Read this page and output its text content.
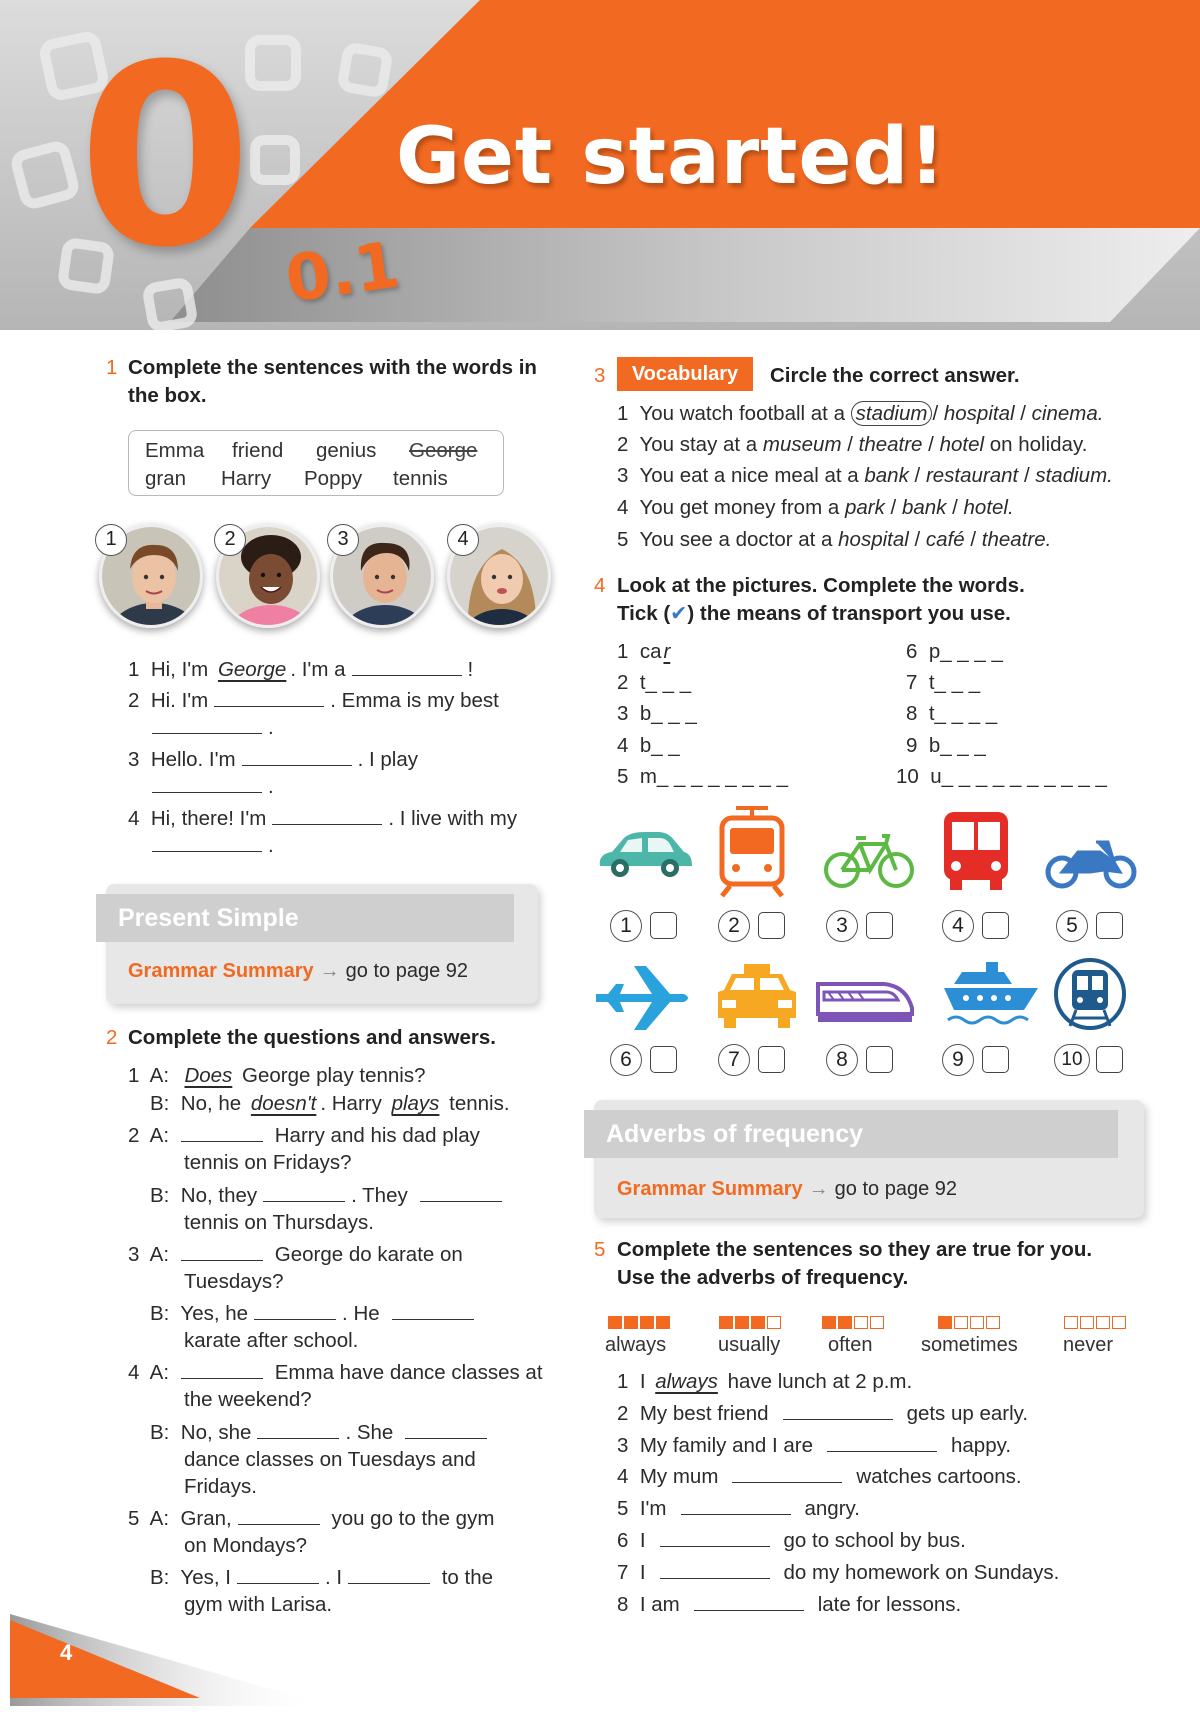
0 Get started!
0.1
1 Complete the sentences with the words in
the box.
Emma friend genius George
gran Harry Poppy tennis
1	2	3	4
1 Hi, I'm George . I'm a	!
2 Hi. I'm	. Emma is my best
.
3 Hello. I'm	. I play
.
4 Hi, there! I'm	. I live with my
.
Present Simple
Grammar Summary → go to page 92
2 Complete the questions and answers.
1 A: Does George play tennis?
B: No, he doesn't . Harry plays tennis.
2 A:	Harry and his dad play
tennis on Fridays?
B: No, they	. They
tennis on Thursdays.
3 A:	George do karate on
Tuesdays?
B: Yes, he	. He
karate after school.
4 A:	Emma have dance classes at
the weekend?
B: No, she	. She
dance classes on Tuesdays and
Fridays.
5 A: Gran,	you go to the gym
on Mondays?
B: Yes, I	. I	to the
gym with Larisa.
3	Vocabulary	Circle the correct answer.
1 You watch football at a stadium / hospital / cinema.
2 You stay at a museum / theatre / hotel on holiday.
3 You eat a nice meal at a bank / restaurant / stadium.
4 You get money from a park / bank / hotel.
5 You see a doctor at a hospital / café / theatre.
4 Look at the pictures. Complete the words.
Tick (✔) the means of transport you use.
1 car
2 t_ _ _
3 b_ _ _
4 b_ _
5 m_ _ _ _ _ _ _ _
6 p_ _ _ _
7 t_ _ _
8 t_ _ _ _
9 b_ _ _
10 u_ _ _ _ _ _ _ _ _ _
1	2	3	4	5
6	7	8	9	10
Adverbs of frequency
Grammar Summary → go to page 92
5 Complete the sentences so they are true for you.
Use the adverbs of frequency.
always	usually often sometimes never
1 I always have lunch at 2 p.m.
2 My best friend	gets up early.
3 My family and I are	happy.
4 My mum	watches cartoons.
5 I'm	angry.
6 I	go to school by bus.
7 I	do my homework on Sundays.
8 I am	late for lessons.
4
